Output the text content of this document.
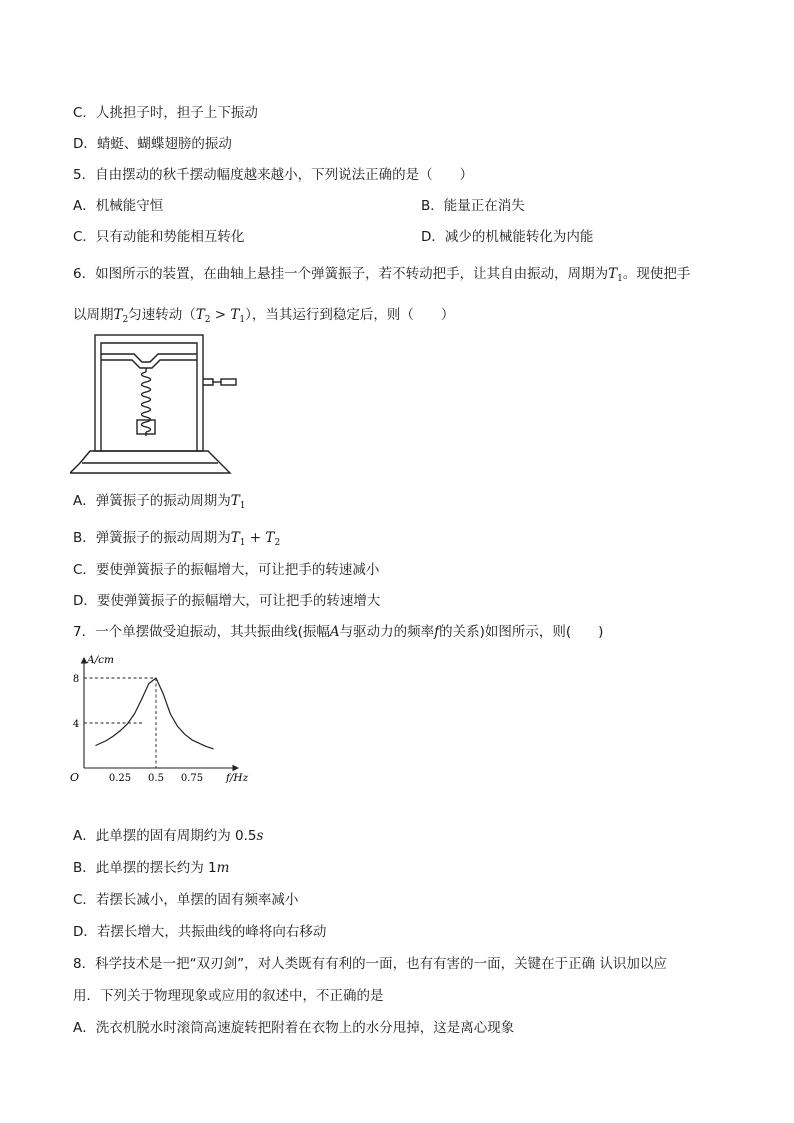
C．人挑担子时，担子上下振动
D．蜻蜓、蝴蝶翅膀的振动
5．自由摆动的秋千摆动幅度越来越小，下列说法正确的是（　　）
A．机械能守恒	B．能量正在消失
C．只有动能和势能相互转化	D．减少的机械能转化为内能
6．如图所示的装置，在曲轴上悬挂一个弹簧振子，若不转动把手，让其自由振动，周期为$T_1$。现使把手
以周期$T_2$匀速转动$(T_2 > T_1)$，当其运行到稳定后，则（　　）
A．弹簧振子的振动周期为$T_1$
B．弹簧振子的振动周期为$T_1 + T_2$
C．要使弹簧振子的振幅增大，可让把手的转速减小
D．要使弹簧振子的振幅增大，可让把手的转速增大
7．一个单摆做受迫振动，其共振曲线(振幅A与驱动力的频率f的关系)如图所示，则(　　)
0.25 0.5 0.75
4
8
A/cm
f/Hz
O
A．此单摆的固有周期约为 0.5s
B．此单摆的摆长约为 1m
C．若摆长减小，单摆的固有频率减小
D．若摆长增大，共振曲线的峰将向右移动
8．科学技术是一把“双刃剑”，对人类既有有利的一面，也有有害的一面，关键在于正确 认识加以应
用．下列关于物理现象或应用的叙述中，不正确的是
A．洗衣机脱水时滚筒高速旋转把附着在衣物上的水分甩掉，这是离心现象
